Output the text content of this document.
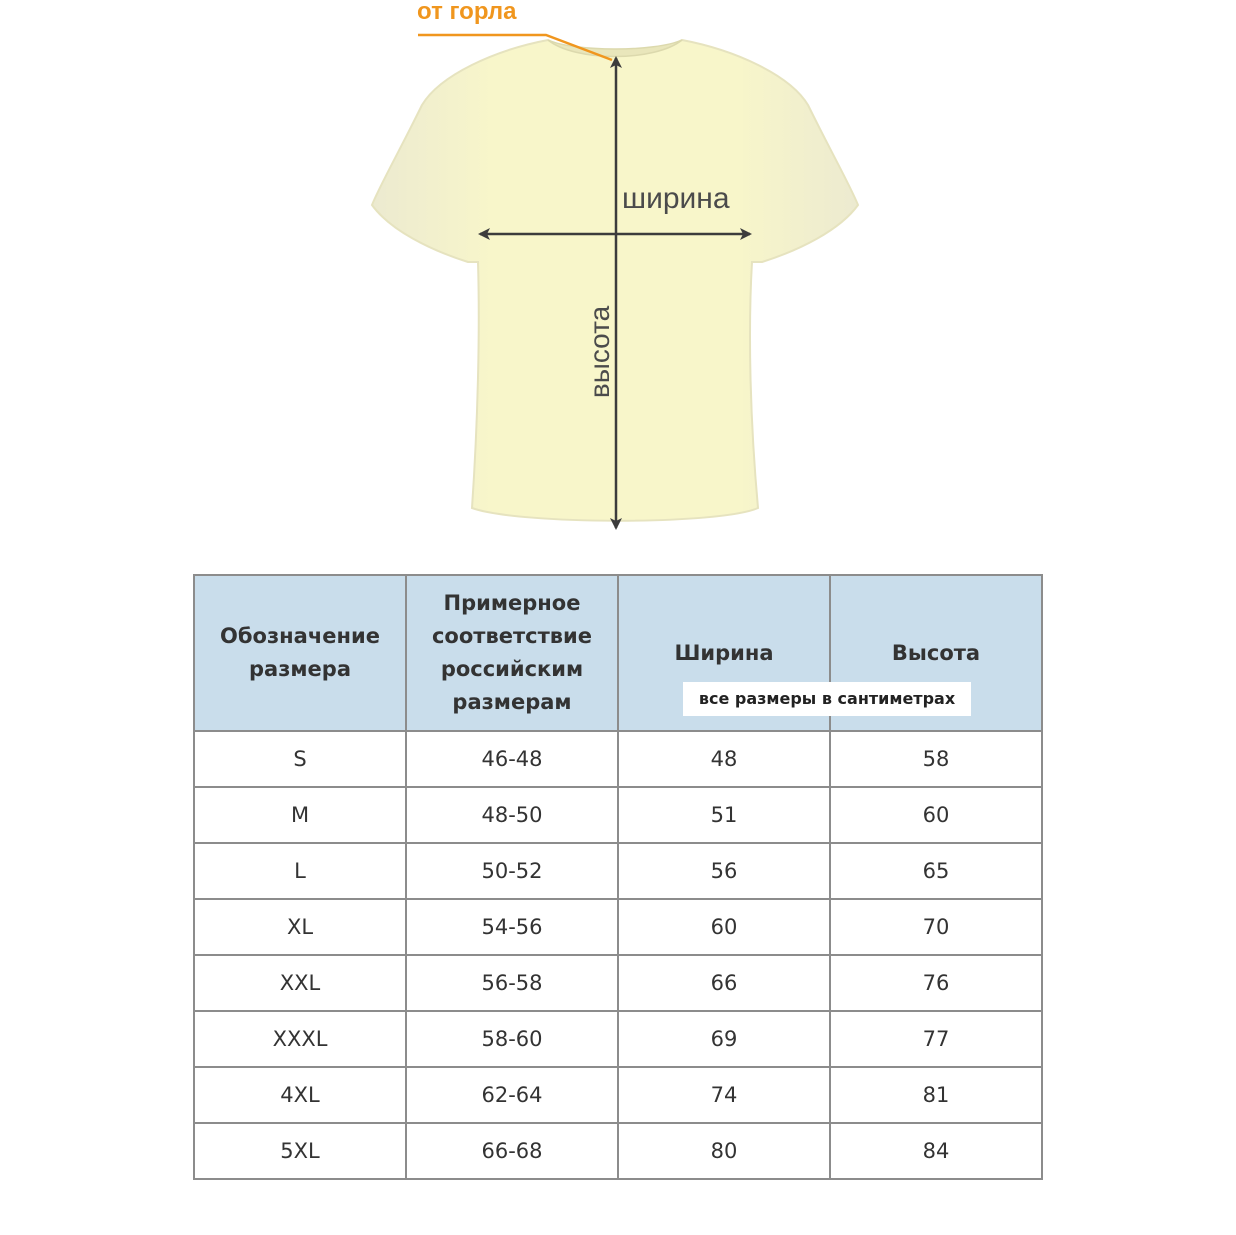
от горла
ширина
высота
Обозначение размера	Примерное соответствие российским размерам	Ширина	Высота
S	46-48	48	58
M	48-50	51	60
L	50-52	56	65
XL	54-56	60	70
XXL	56-58	66	76
XXXL	58-60	69	77
4XL	62-64	74	81
5XL	66-68	80	84
все размеры в сантиметрах
